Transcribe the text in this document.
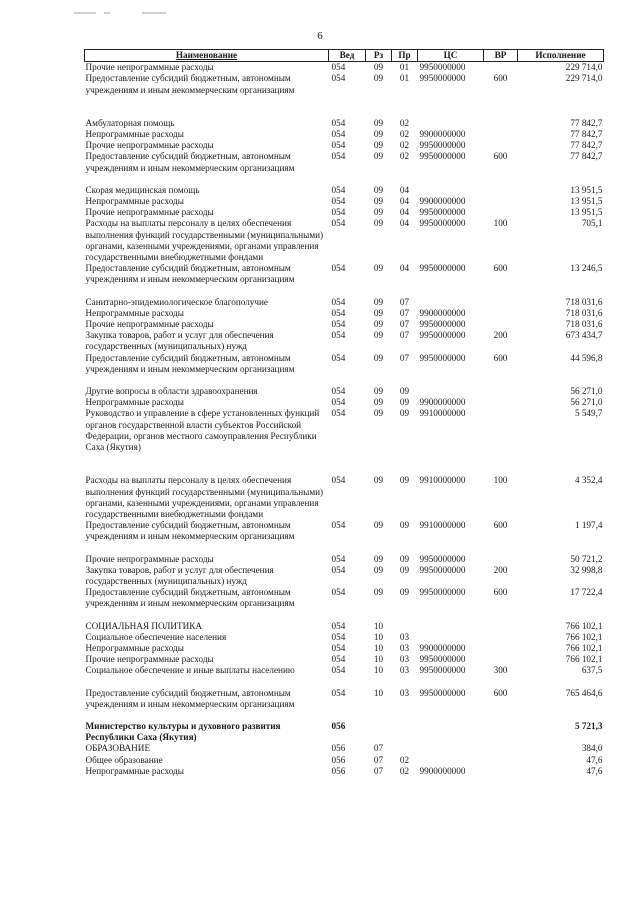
6
Наименование	Вед	Рз	Пр	ЦС	ВР	Исполнение
Прочие непрограммные расходы	054	09	01	9950000000		229 714,0
Предоставление субсидий бюджетным, автономным учреждениям и иным некоммерческим организациям	054	09	01	9950000000	600	229 714,0
Амбулаторная помощь	054	09	02			77 842,7
Непрограммные расходы	054	09	02	9900000000		77 842,7
Прочие непрограммные расходы	054	09	02	9950000000		77 842,7
Предоставление субсидий бюджетным, автономным учреждениям и иным некоммерческим организациям	054	09	02	9950000000	600	77 842,7
Скорая медицинская помощь	054	09	04			13 951,5
Непрограммные расходы	054	09	04	9900000000		13 951,5
Прочие непрограммные расходы	054	09	04	9950000000		13 951,5
Расходы на выплаты персоналу в целях обеспечения выполнения функций государственными (муниципальными) органами, казенными учреждениями, органами управления государственными внебюджетными фондами	054	09	04	9950000000	100	705,1
Предоставление субсидий бюджетным, автономным учреждениям и иным некоммерческим организациям	054	09	04	9950000000	600	13 246,5
Санитарно-эпидемиологическое благополучие	054	09	07			718 031,6
Непрограммные расходы	054	09	07	9900000000		718 031,6
Прочие непрограммные расходы	054	09	07	9950000000		718 031,6
Закупка товаров, работ и услуг для обеспечения государственных (муниципальных) нужд	054	09	07	9950000000	200	673 434,7
Предоставление субсидий бюджетным, автономным учреждениям и иным некоммерческим организациям	054	09	07	9950000000	600	44 596,8
Другие вопросы в области здравоохранения	054	09	09			56 271,0
Непрограммные расходы	054	09	09	9900000000		56 271,0
Руководство и управление в сфере установленных функций органов государственной власти субъектов Российской Федерации, органов местного самоуправления Республики Саха (Якутия)	054	09	09	9910000000		5 549,7
Расходы на выплаты персоналу в целях обеспечения выполнения функций государственными (муниципальными) органами, казенными учреждениями, органами управления государственными внебюджетными фондами	054	09	09	9910000000	100	4 352,4
Предоставление субсидий бюджетным, автономным учреждениям и иным некоммерческим организациям	054	09	09	9910000000	600	1 197,4
Прочие непрограммные расходы	054	09	09	9950000000		50 721,2
Закупка товаров, работ и услуг для обеспечения государственных (муниципальных) нужд	054	09	09	9950000000	200	32 998,8
Предоставление субсидий бюджетным, автономным учреждениям и иным некоммерческим организациям	054	09	09	9950000000	600	17 722,4
СОЦИАЛЬНАЯ ПОЛИТИКА	054	10				766 102,1
Социальное обеспечение населения	054	10	03			766 102,1
Непрограммные расходы	054	10	03	9900000000		766 102,1
Прочие непрограммные расходы	054	10	03	9950000000		766 102,1
Социальное обеспечение и иные выплаты населению	054	10	03	9950000000	300	637,5
Предоставление субсидий бюджетным, автономным учреждениям и иным некоммерческим организациям	054	10	03	9950000000	600	765 464,6
Министерство культуры и духовного развития Республики Саха (Якутия)	056					5 721,3
ОБРАЗОВАНИЕ	056	07				384,0
Общее образование	056	07	02			47,6
Непрограммные расходы	056	07	02	9900000000		47,6
